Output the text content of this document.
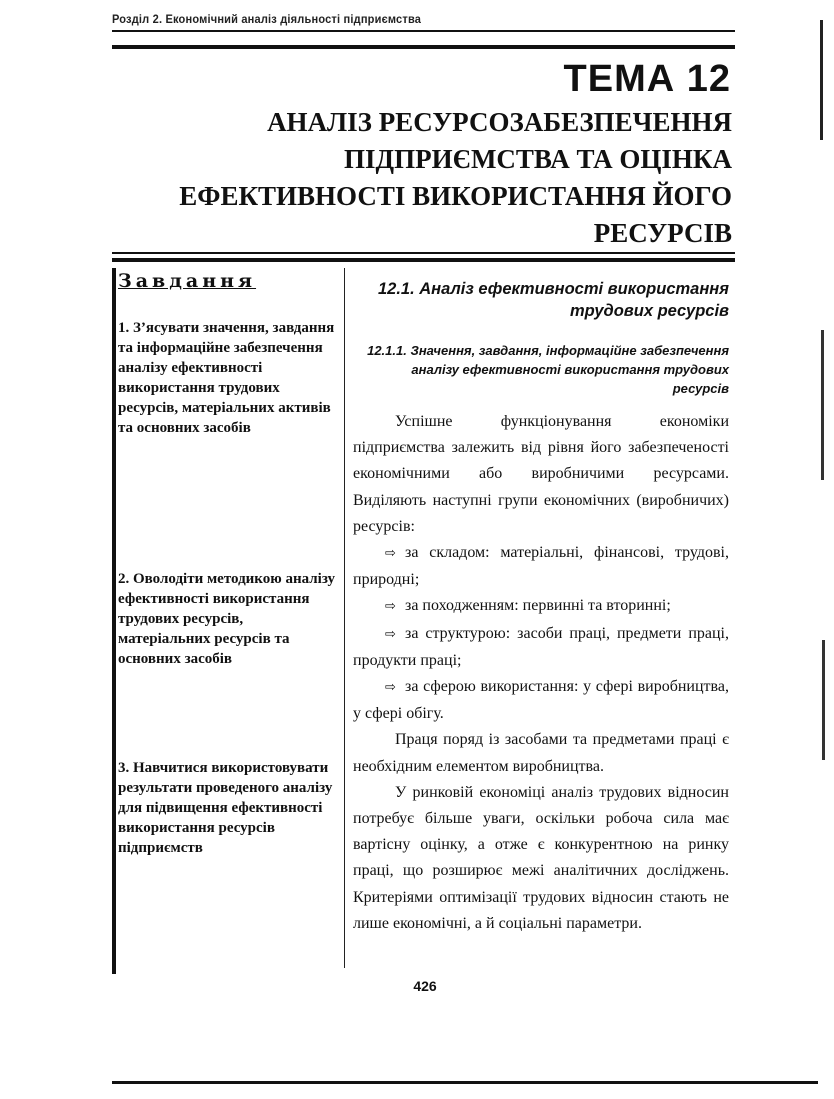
Розділ 2. Економічний аналіз діяльності підприємства
ТЕМА 12
АНАЛІЗ РЕСУРСОЗАБЕЗПЕЧЕННЯ ПІДПРИЄМСТВА ТА ОЦІНКА ЕФЕКТИВНОСТІ ВИКОРИСТАННЯ ЙОГО РЕСУРСІВ
Завдання
1. З’ясувати значення, завдання та інформаційне забезпечення аналізу ефективності використання трудових ресурсів, матеріальних активів та основних засобів
2. Оволодіти методикою аналізу ефективності використання трудових ресурсів, матеріальних ресурсів та основних засобів
3. Навчитися використовувати результати проведеного аналізу для підвищення ефективності використання ресурсів підприємств
12.1. Аналіз ефективності використання трудових ресурсів
12.1.1. Значення, завдання, інформаційне забезпечення аналізу ефективності використання трудових ресурсів

Успішне функціонування економіки підприємства залежить від рівня його забезпеченості економічними або виробничими ресурсами. Виділяють наступні групи економічних (виробничих) ресурсів:

⇨ за складом: матеріальні, фінансові, трудові, природні;

⇨ за походженням: первинні та вторинні;

⇨ за структурою: засоби праці, предмети праці, продукти праці;

⇨ за сферою використання: у сфері виробництва, у сфері обігу.

Праця поряд із засобами та предметами праці є необхідним елементом виробництва.

У ринковій економіці аналіз трудових відносин потребує більше уваги, оскільки робоча сила має вартісну оцінку, а отже є конкурентною на ринку праці, що розширює межі аналітичних досліджень. Критеріями оптимізації трудових відносин стають не лише економічні, а й соціальні параметри.

426
